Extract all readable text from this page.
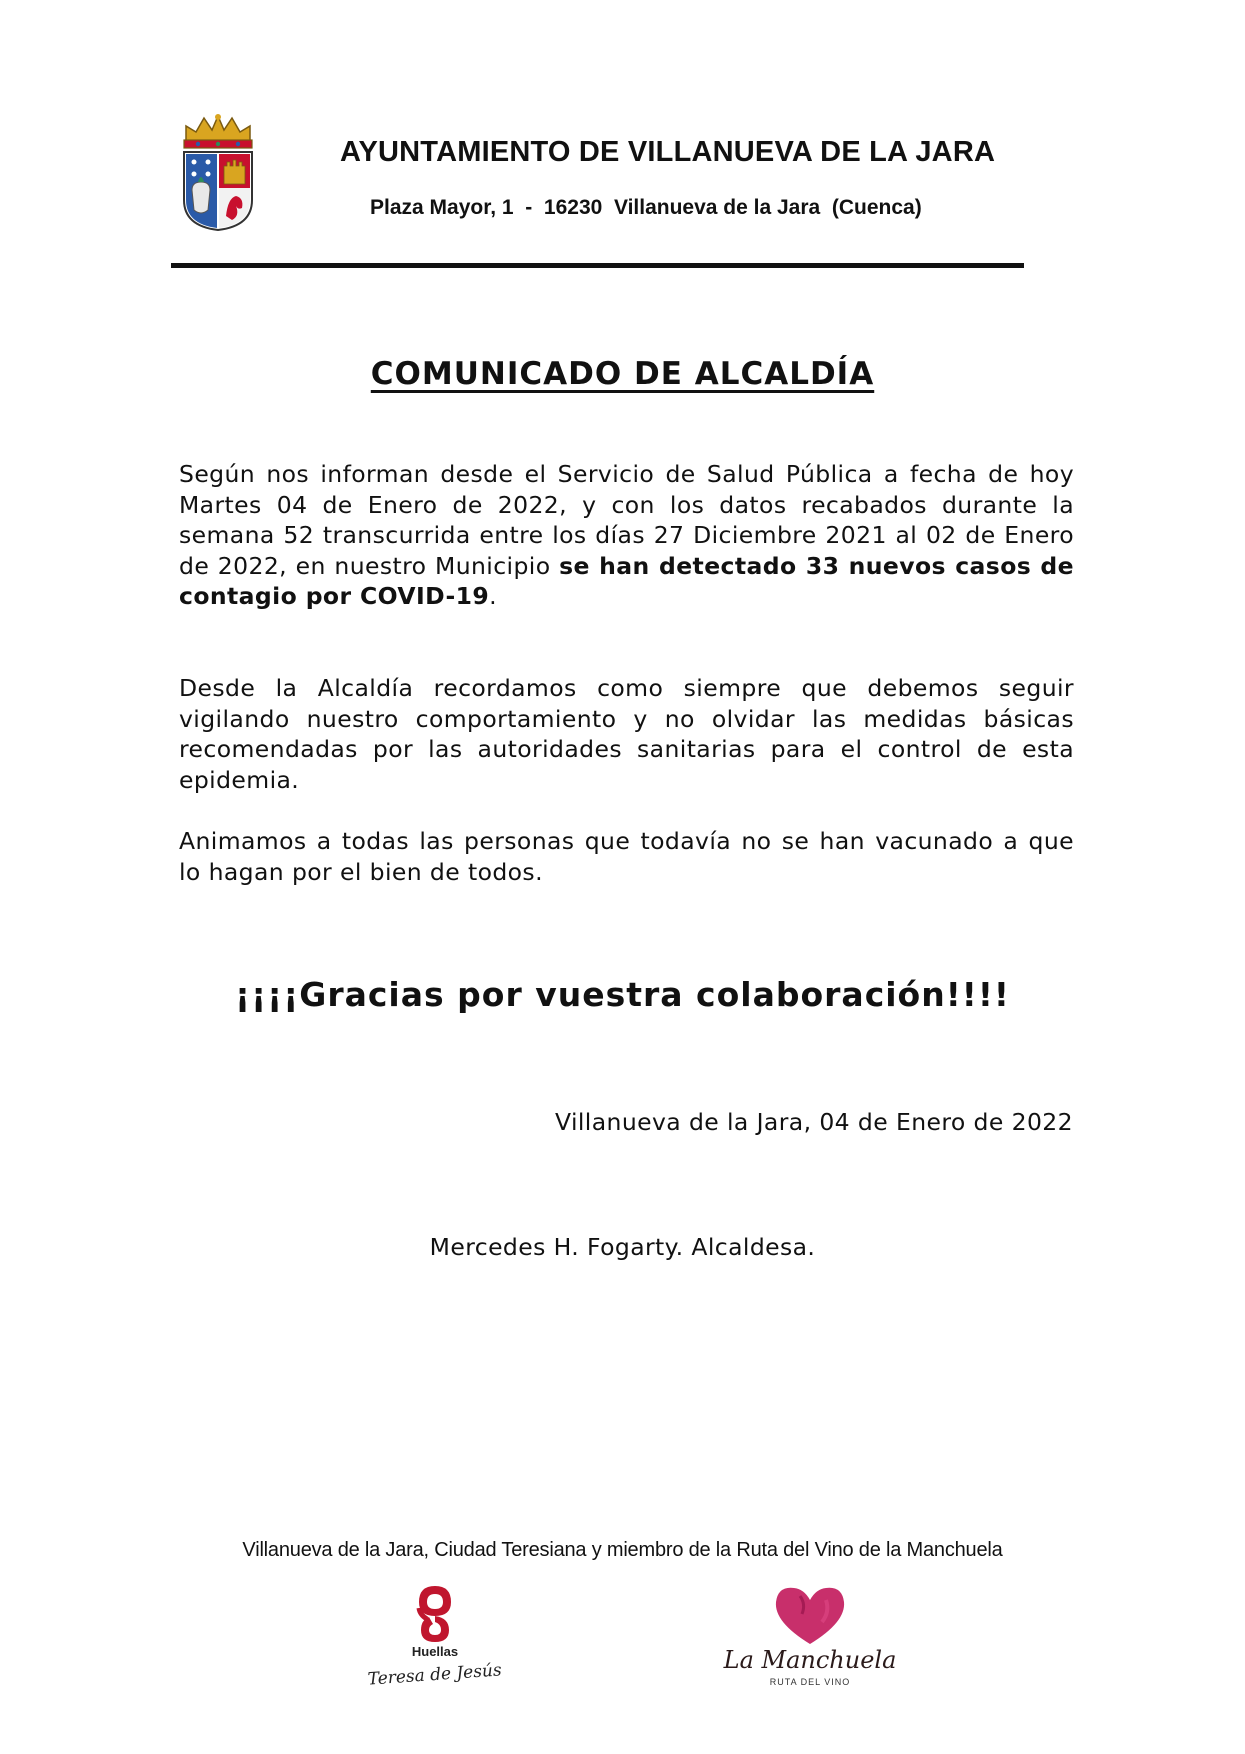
AYUNTAMIENTO DE VILLANUEVA DE LA JARA
Plaza Mayor, 1  -  16230  Villanueva de la Jara  (Cuenca)
COMUNICADO DE ALCALDÍA

Según nos informan desde el Servicio de Salud Pública a fecha de hoy Martes 04 de Enero de 2022, y con los datos recabados durante la semana 52 transcurrida entre los días 27 Diciembre 2021 al 02 de Enero de 2022, en nuestro Municipio se han detectado 33 nuevos casos de contagio por COVID-19.

Desde la Alcaldía recordamos como siempre que debemos seguir vigilando nuestro comportamiento y no olvidar las medidas básicas recomendadas por las autoridades sanitarias para el control de esta epidemia.

Animamos a todas las personas que todavía no se han vacunado a que lo hagan por el bien de todos.

¡¡¡¡Gracias por vuestra colaboración!!!!
Villanueva de la Jara, 04 de Enero de 2022
Mercedes H. Fogarty. Alcaldesa.
Villanueva de la Jara, Ciudad Teresiana y miembro de la Ruta del Vino de la Manchuela
Huellas
Teresa de Jesús
La Manchuela
RUTA DEL VINO
